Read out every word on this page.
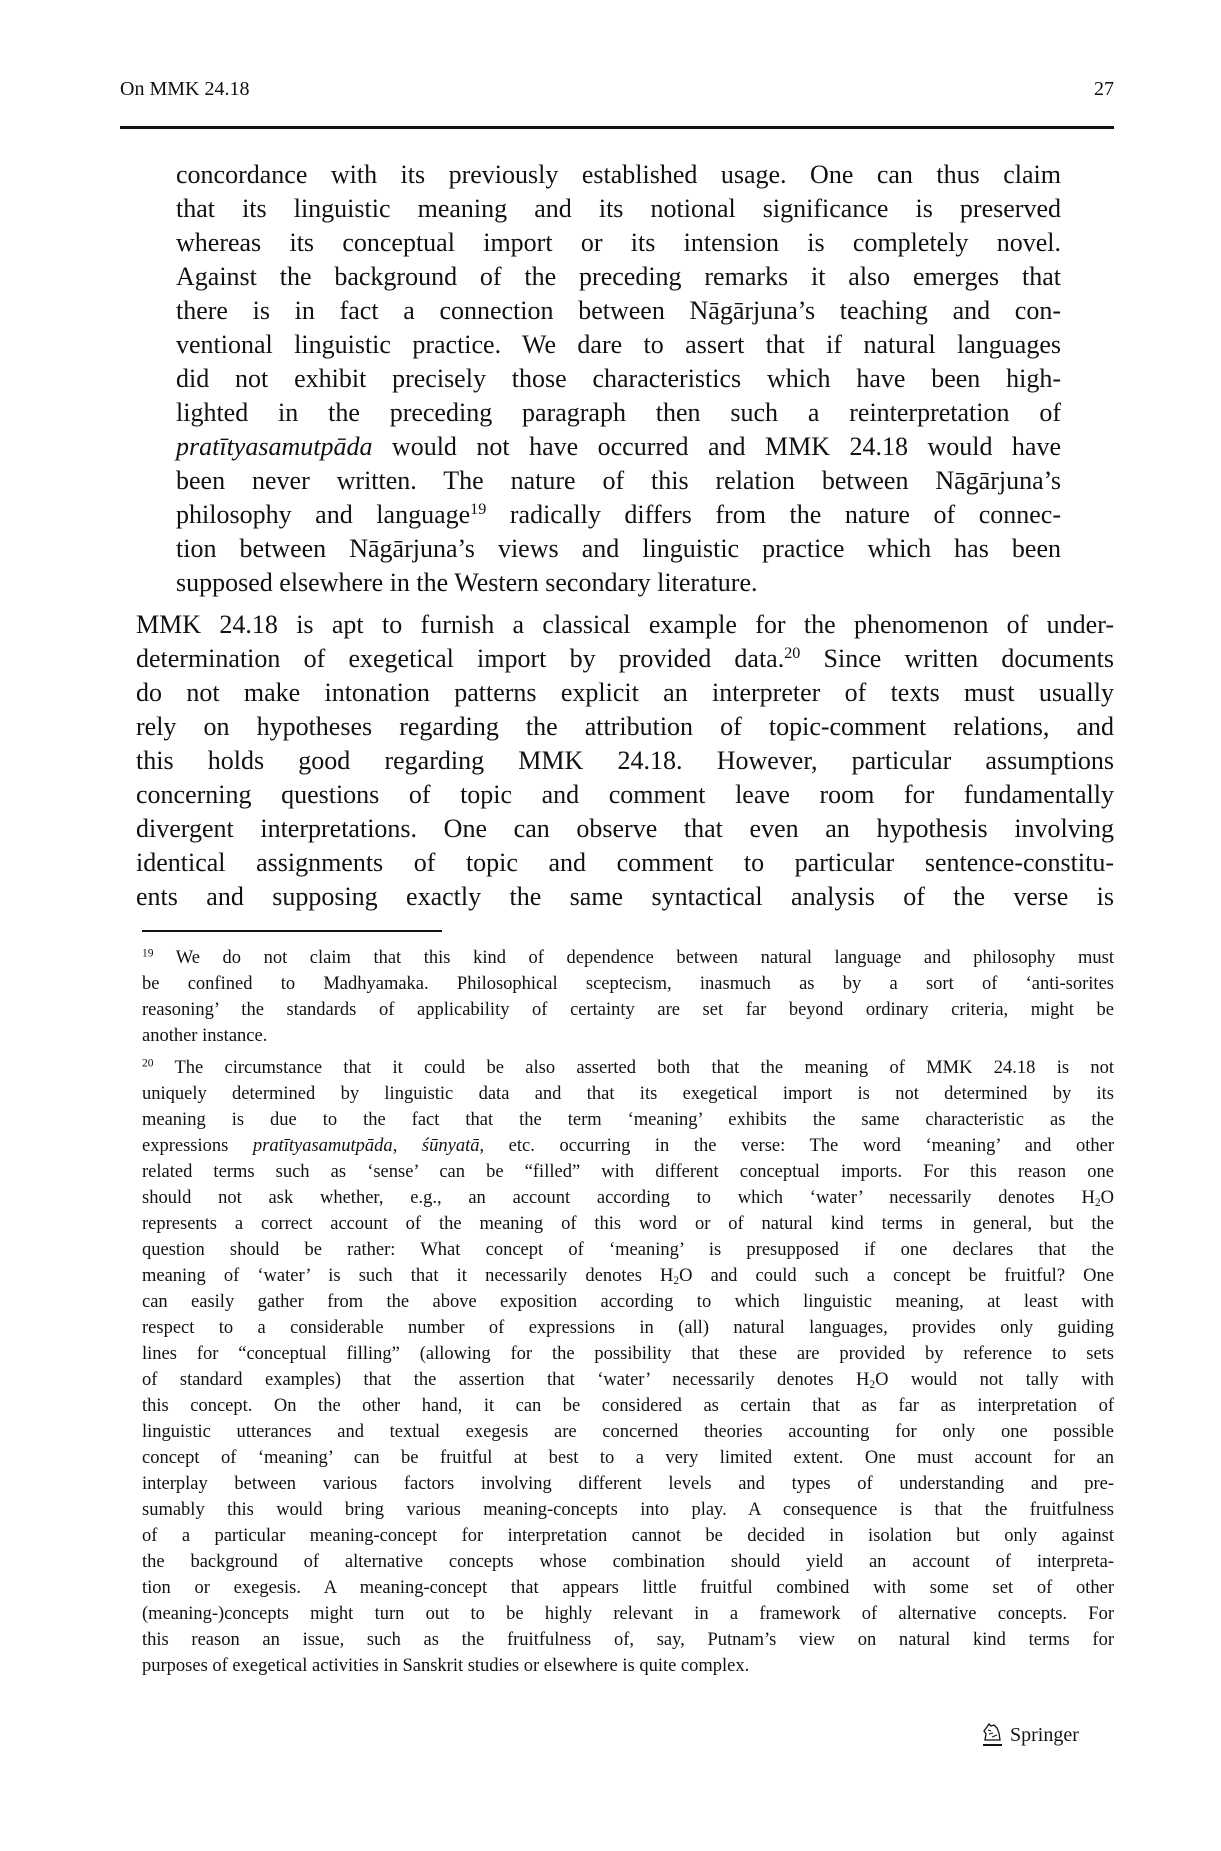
On MMK 24.18	27
concordance with its previously established usage. One can thus claim
that its linguistic meaning and its notional significance is preserved
whereas its conceptual import or its intension is completely novel.
Against the background of the preceding remarks it also emerges that
there is in fact a connection between Nāgārjuna’s teaching and con-
ventional linguistic practice. We dare to assert that if natural languages
did not exhibit precisely those characteristics which have been high-
lighted in the preceding paragraph then such a reinterpretation of
pratītyasamutpāda would not have occurred and MMK 24.18 would have
been never written. The nature of this relation between Nāgārjuna’s
philosophy and language$^{19}$ radically differs from the nature of connec-
tion between Nāgārjuna’s views and linguistic practice which has been
supposed elsewhere in the Western secondary literature.
MMK 24.18 is apt to furnish a classical example for the phenomenon of under-
determination of exegetical import by provided data.$^{20}$ Since written documents
do not make intonation patterns explicit an interpreter of texts must usually
rely on hypotheses regarding the attribution of topic-comment relations, and
this holds good regarding MMK 24.18. However, particular assumptions
concerning questions of topic and comment leave room for fundamentally
divergent interpretations. One can observe that even an hypothesis involving
identical assignments of topic and comment to particular sentence-constitu-
ents and supposing exactly the same syntactical analysis of the verse is
$^{19}$ We do not claim that this kind of dependence between natural language and philosophy must
be confined to Madhyamaka. Philosophical sceptecism, inasmuch as by a sort of ‘anti-sorites
reasoning’ the standards of applicability of certainty are set far beyond ordinary criteria, might be
another instance.
$^{20}$ The circumstance that it could be also asserted both that the meaning of MMK 24.18 is not
uniquely determined by linguistic data and that its exegetical import is not determined by its
meaning is due to the fact that the term ‘meaning’ exhibits the same characteristic as the
expressions pratītyasamutpāda, śūnyatā, etc. occurring in the verse: The word ‘meaning’ and other
related terms such as ‘sense’ can be “filled” with different conceptual imports. For this reason one
should not ask whether, e.g., an account according to which ‘water’ necessarily denotes $H_2O$
represents a correct account of the meaning of this word or of natural kind terms in general, but the
question should be rather: What concept of ‘meaning’ is presupposed if one declares that the
meaning of ‘water’ is such that it necessarily denotes $H_2O$ and could such a concept be fruitful? One
can easily gather from the above exposition according to which linguistic meaning, at least with
respect to a considerable number of expressions in (all) natural languages, provides only guiding
lines for “conceptual filling” (allowing for the possibility that these are provided by reference to sets
of standard examples) that the assertion that ‘water’ necessarily denotes $H_2O$ would not tally with
this concept. On the other hand, it can be considered as certain that as far as interpretation of
linguistic utterances and textual exegesis are concerned theories accounting for only one possible
concept of ‘meaning’ can be fruitful at best to a very limited extent. One must account for an
interplay between various factors involving different levels and types of understanding and pre-
sumably this would bring various meaning-concepts into play. A consequence is that the fruitfulness
of a particular meaning-concept for interpretation cannot be decided in isolation but only against
the background of alternative concepts whose combination should yield an account of interpreta-
tion or exegesis. A meaning-concept that appears little fruitful combined with some set of other
(meaning-)concepts might turn out to be highly relevant in a framework of alternative concepts. For
this reason an issue, such as the fruitfulness of, say, Putnam’s view on natural kind terms for
purposes of exegetical activities in Sanskrit studies or elsewhere is quite complex.
Springer
